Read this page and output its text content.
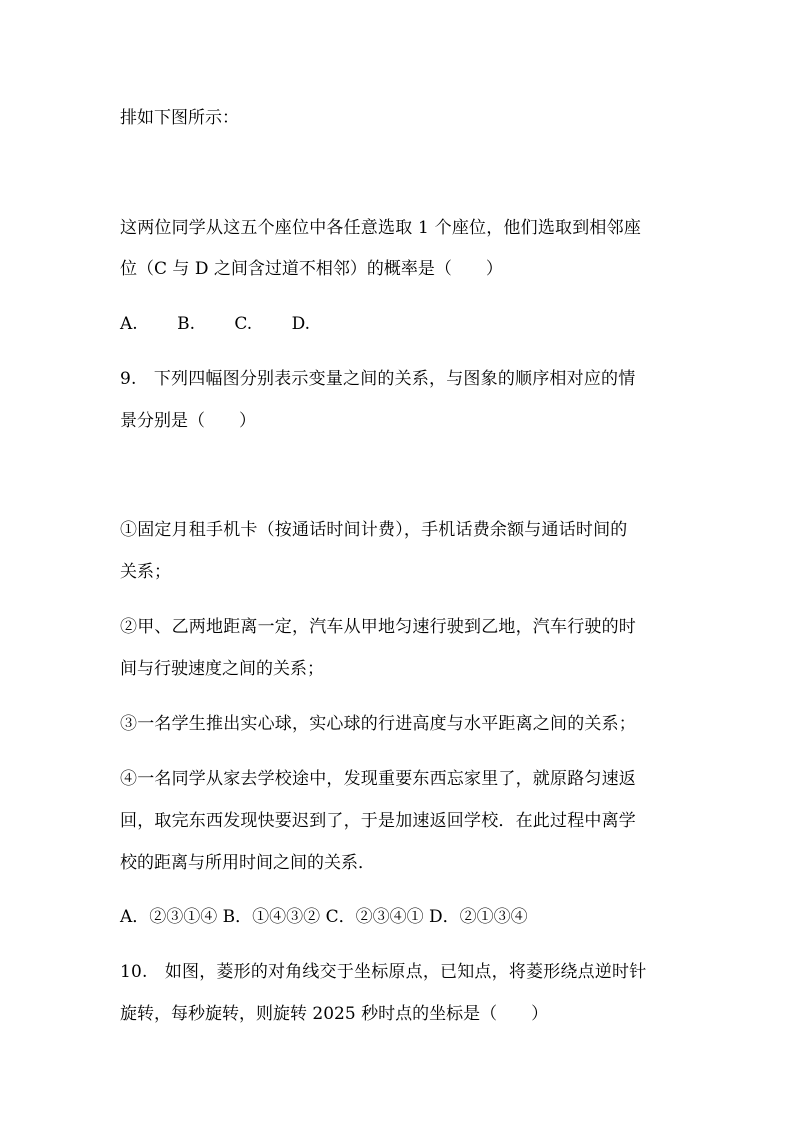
排如下图所示：
这两位同学从这五个座位中各任意选取 1 个座位，他们选取到相邻座
位（C 与 D 之间含过道不相邻）的概率是（　　）
A. B. C. D.
9.　下列四幅图分别表示变量之间的关系，与图象的顺序相对应的情
景分别是（　　）
①固定月租手机卡（按通话时间计费），手机话费余额与通话时间的
关系；
②甲、乙两地距离一定，汽车从甲地匀速行驶到乙地，汽车行驶的时
间与行驶速度之间的关系；
③一名学生推出实心球，实心球的行进高度与水平距离之间的关系；
④一名同学从家去学校途中，发现重要东西忘家里了，就原路匀速返
回，取完东西发现快要迟到了，于是加速返回学校．在此过程中离学
校的距离与所用时间之间的关系．
A．②③①④ B．①④③② C．②③④① D．②①③④
10.　如图，菱形的对角线交于坐标原点，已知点，将菱形绕点逆时针
旋转，每秒旋转，则旋转 2025 秒时点的坐标是（　　）
